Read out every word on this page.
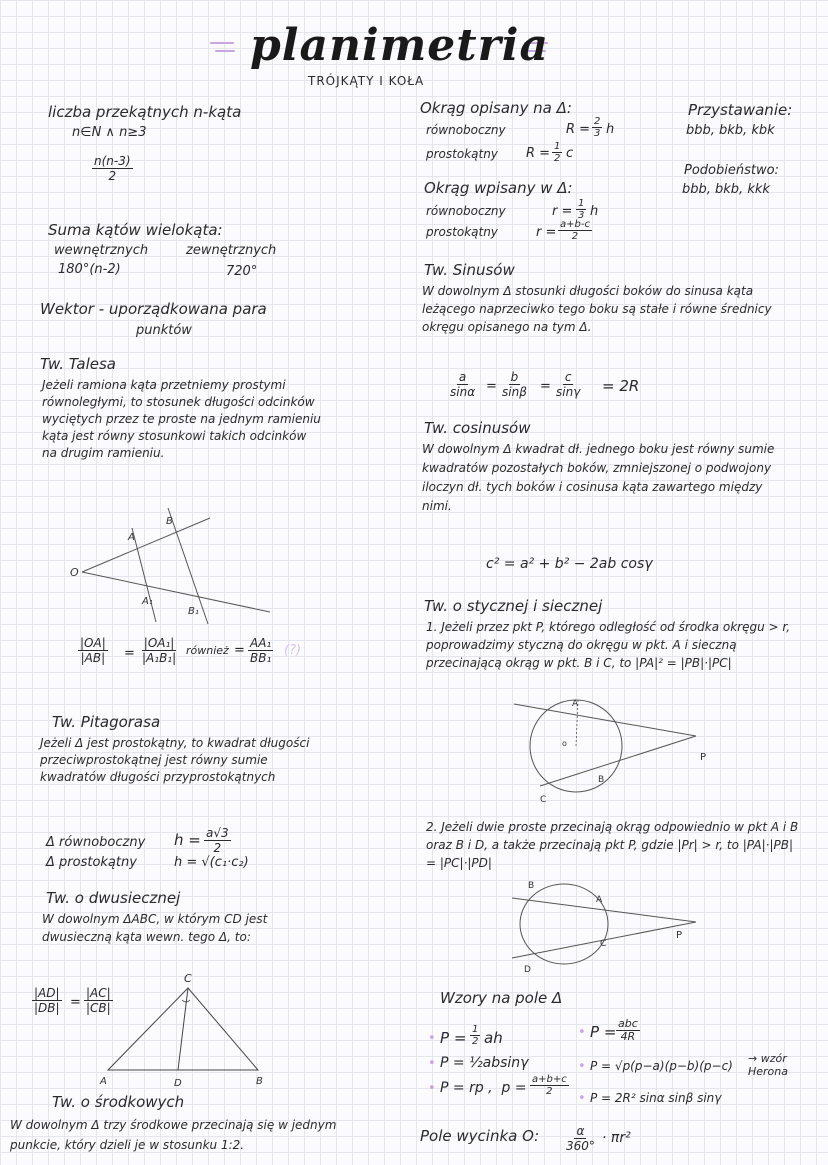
planimetria
TRÓJKĄTY I KOŁA
liczba przekątnych n-kąta
n∈N ∧ n≥3
$\frac{n(n-3)}{2}$
Suma kątów wielokąta:
wewnętrznych	zewnętrznych
180°(n-2)	720°
Wektor - uporządkowana para
punktów
Tw. Talesa
Jeżeli ramiona kąta przetniemy prostymi równoległymi, to stosunek długości odcinków wyciętych przez te proste na jednym ramieniu kąta jest równy stosunkowi takich odcinków na drugim ramieniu.
O
A
B
A₁
B₁
$\frac{|OA|}{|AB|} = \frac{\text{|OA₁|}}{\text{|A₁B₁|}}$ również = $\frac{\text{AA₁}}{\text{BB₁}}$ (?)
Tw. Pitagorasa
Jeżeli Δ jest prostokątny, to kwadrat długości przeciwprostokątnej jest równy sumie kwadratów długości przyprostokątnych
Δ równoboczny $h = \frac{a√3}{2}$
Δ prostokątny	h = √(c₁·c₂)
Tw. o dwusiecznej
W dowolnym ΔABC, w którym CD jest dwusieczną kąta wewn. tego Δ, to:
$\frac{|AD|}{|DB|} = \frac{|AC|}{|CB|}$
C
A	D	B
Tw. o środkowych
W dowolnym Δ trzy środkowe przecinają się w jednym punkcie, który dzieli je w stosunku 1:2.
Okrąg opisany na Δ:
równoboczny	$R = \frac{2}{3}$ h
prostokątny $R = \frac{1}{2}$ c
Przystawanie:
bbb, bkb, kbk
Podobieństwo:
bbb, bkb, kkk
Okrąg wpisany w Δ:
równoboczny	$r = \frac{1}{3}$ h
prostokątny	$r = \frac{a+b-c}{2}$
Tw. Sinusów
W dowolnym Δ stosunki długości boków do sinusa kąta leżącego naprzeciwko tego boku są stałe i równe średnicy okręgu opisanego na tym Δ.
$\frac{a}{\sin\alpha} = \frac{b}{\sin\beta} = \frac{c}{\sin\gamma} = 2R$
Tw. cosinusów
W dowolnym Δ kwadrat dł. jednego boku jest równy sumie kwadratów pozostałych boków, zmniejszonej o podwojony iloczyn dł. tych boków i cosinusa kąta zawartego między nimi.
c² = a² + b² − 2ab cosγ
Tw. o stycznej i siecznej
1. Jeżeli przez pkt P, którego odległość od środka okręgu > r, poprowadzimy styczną do okręgu w pkt. A i sieczną przecinającą okrąg w pkt. B i C, to |PA|² = |PB|·|PC|
A
o
B
C
P
2. Jeżeli dwie proste przecinają okrąg odpowiednio w pkt A i B oraz B i D, a także przecinają pkt P, gdzie |Pr| > r, to |PA|·|PB| = |PC|·|PD|
B
A
C
D
P
Wzory na pole Δ
• $P = \frac{1}{2}$ ah
• P = ½absinγ
• P = rp ,  $p = \frac{a+b+c}{2}$
• P = abc
4R
• P = √p(p−a)(p−b)(p−c)
→ wzór Herona
• P = 2R² sinα sinβ sinγ
Pole wycinka O: $\frac{\alpha}{360^\circ} \cdot \pi r^2$
